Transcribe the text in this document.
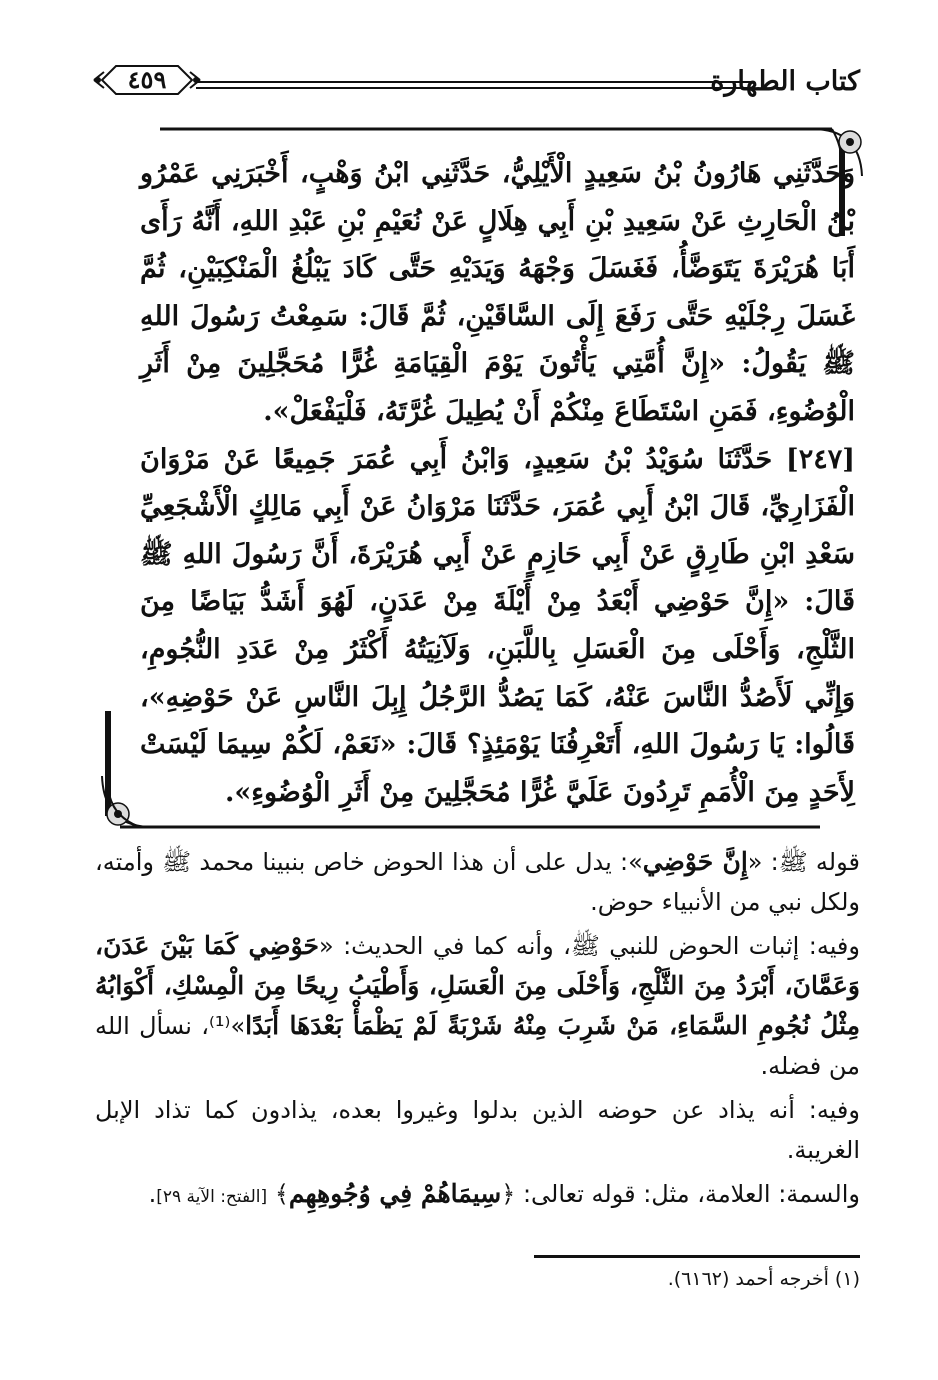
كتاب الطهارة
٤٥٩

وَحَدَّثَنِي هَارُونُ بْنُ سَعِيدٍ الْأَيْلِيُّ، حَدَّثَنِي ابْنُ وَهْبٍ، أَخْبَرَنِي عَمْرُو بْنُ الْحَارِثِ عَنْ سَعِيدِ بْنِ أَبِي هِلَالٍ عَنْ نُعَيْمِ بْنِ عَبْدِ اللهِ، أَنَّهُ رَأَى أَبَا هُرَيْرَةَ يَتَوَضَّأُ، فَغَسَلَ وَجْهَهُ وَيَدَيْهِ حَتَّى كَادَ يَبْلُغُ الْمَنْكِبَيْنِ، ثُمَّ غَسَلَ رِجْلَيْهِ حَتَّى رَفَعَ إِلَى السَّاقَيْنِ، ثُمَّ قَالَ: سَمِعْتُ رَسُولَ اللهِ ﷺ يَقُولُ: «إِنَّ أُمَّتِي يَأْتُونَ يَوْمَ الْقِيَامَةِ غُرًّا مُحَجَّلِينَ مِنْ أَثَرِ الْوُضُوءِ، فَمَنِ اسْتَطَاعَ مِنْكُمْ أَنْ يُطِيلَ غُرَّتَهُ، فَلْيَفْعَلْ».

[٢٤٧] حَدَّثَنَا سُوَيْدُ بْنُ سَعِيدٍ، وَابْنُ أَبِي عُمَرَ جَمِيعًا عَنْ مَرْوَانَ الْفَزَارِيِّ، قَالَ ابْنُ أَبِي عُمَرَ، حَدَّثَنَا مَرْوَانُ عَنْ أَبِي مَالِكٍ الْأَشْجَعِيِّ سَعْدِ ابْنِ طَارِقٍ عَنْ أَبِي حَازِمٍ عَنْ أَبِي هُرَيْرَةَ، أَنَّ رَسُولَ اللهِ ﷺ قَالَ: «إِنَّ حَوْضِي أَبْعَدُ مِنْ أَيْلَةَ مِنْ عَدَنٍ، لَهُوَ أَشَدُّ بَيَاضًا مِنَ الثَّلْجِ، وَأَحْلَى مِنَ الْعَسَلِ بِاللَّبَنِ، وَلَآنِيَتُهُ أَكْثَرُ مِنْ عَدَدِ النُّجُومِ، وَإِنِّي لَأَصُدُّ النَّاسَ عَنْهُ، كَمَا يَصُدُّ الرَّجُلُ إِبِلَ النَّاسِ عَنْ حَوْضِهِ»، قَالُوا: يَا رَسُولَ اللهِ، أَتَعْرِفُنَا يَوْمَئِذٍ؟ قَالَ: «نَعَمْ، لَكُمْ سِيمَا لَيْسَتْ لِأَحَدٍ مِنَ الْأُمَمِ تَرِدُونَ عَلَيَّ غُرًّا مُحَجَّلِينَ مِنْ أَثَرِ الْوُضُوءِ».

قوله ﷺ: «إِنَّ حَوْضِي»: يدل على أن هذا الحوض خاص بنبينا محمد ﷺ وأمته، ولكل نبي من الأنبياء حوض.

وفيه: إثبات الحوض للنبي ﷺ، وأنه كما في الحديث: «حَوْضِي كَمَا بَيْنَ عَدَنَ، وَعَمَّانَ، أَبْرَدُ مِنَ الثَّلْجِ، وَأَحْلَى مِنَ الْعَسَلِ، وَأَطْيَبُ رِيحًا مِنَ الْمِسْكِ، أَكْوَابُهُ مِثْلُ نُجُومِ السَّمَاءِ، مَنْ شَرِبَ مِنْهُ شَرْبَةً لَمْ يَظْمَأْ بَعْدَهَا أَبَدًا»⁽¹⁾، نسأل الله من فضله.

وفيه: أنه يذاد عن حوضه الذين بدلوا وغيروا بعده، يذادون كما تذاد الإبل الغريبة.

والسمة: العلامة، مثل: قوله تعالى: ﴿سِيمَاهُمْ فِي وُجُوهِهِم﴾ [الفتح: الآية ٢٩].

(١) أخرجه أحمد (٦١٦٢).
